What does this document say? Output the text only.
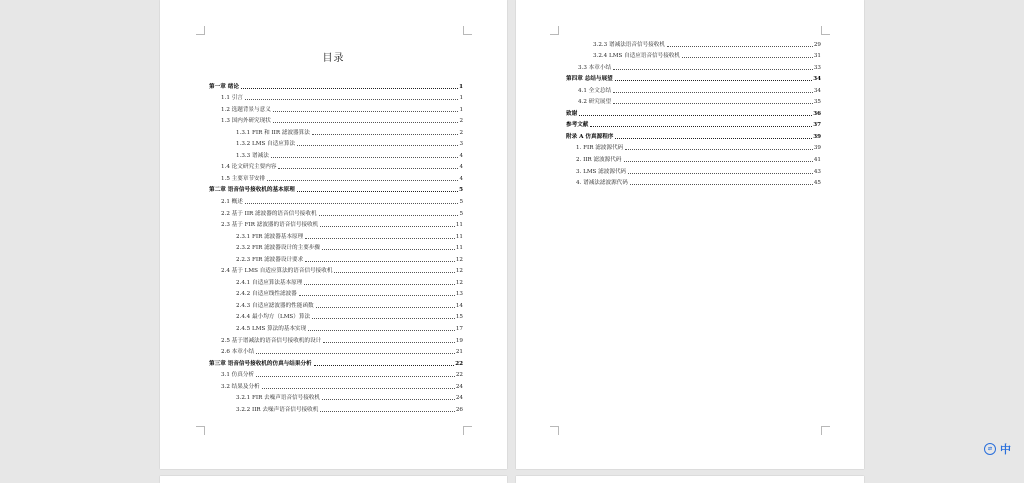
目录
第一章 绪论	1
1.1 引言	1
1.2 选题背景与意义	1
1.3 国内外研究现状	2
1.3.1 FIR 和 IIR 滤波器算法	2
1.3.2 LMS 自适应算法	3
1.3.3 谱减法	4
1.4 论文研究主要内容	4
1.5 主要章节安排	4
第二章 语音信号接收机的基本原理	5
2.1 概述	5
2.2 基于 IIR 滤波器的语音信号接收机	5
2.3 基于 FIR 滤波器的语音信号接收机	11
2.3.1 FIR 滤波器基本原理	11
2.3.2 FIR 滤波器设计的主要步骤	11
2.2.3 FIR 滤波器设计要求	12
2.4 基于 LMS 自适应算法的语音信号接收机	12
2.4.1 自适应算法基本原理	12
2.4.2 自适应线性滤波器	13
2.4.3 自适应滤波器的性能函数	14
2.4.4 最小均方（LMS）算法	15
2.4.5 LMS 算法的基本实现	17
2.5 基于谱减法的语音信号接收机的设计	19
2.6 本章小结	21
第三章 语音信号接收机的仿真与结果分析	22
3.1 仿真分析	22
3.2 结果及分析	24
3.2.1 FIR 去噪声语音信号接收机	24
3.2.2 IIR 去噪声语音信号接收机	26
3.2.3 谱减法语音信号接收机	29
3.2.4 LMS 自适应语音信号接收机	31
3.3 本章小结	33
第四章 总结与展望	34
4.1 全文总结	34
4.2 研究展望	35
致谢	36
参考文献	37
附录 A 仿真源程序	39
1. FIR 滤波源代码	39
2. IIR 滤波源代码	41
3. LMS 滤波源代码	43
4. 谱减法滤波源代码	45
⇄ 中
